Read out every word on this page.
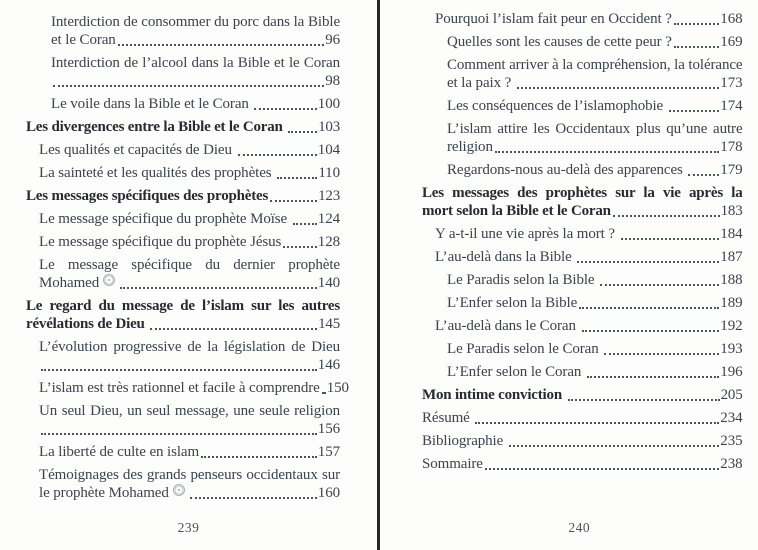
Interdiction de consommer du porc dans la Bible
et le Coran	96
Interdiction de l’alcool dans la Bible et le Coran
98
Le voile dans la Bible et le Coran	100
Les divergences entre la Bible et le Coran 103
Les qualités et capacités de Dieu	104
La sainteté et les qualités des prophètes	110
Les messages spécifiques des prophètes	123
Le message spécifique du prophète Moïse 124
Le message spécifique du prophète Jésus 128
Le message spécifique du dernier prophète
Mohamed	140
Le regard du message de l’islam sur les autres
révélations de Dieu	145
L’évolution progressive de la législation de Dieu
146
L’islam est très rationnel et facile à comprendre 150
Un seul Dieu, un seul message, une seule religion
156
La liberté de culte en islam	157
Témoignages des grands penseurs occidentaux sur
le prophète Mohamed	160
239
Pourquoi l’islam fait peur en Occident ?	168
Quelles sont les causes de cette peur ?	169
Comment arriver à la compréhension, la tolérance
et la paix ?	173
Les conséquences de l’islamophobie	174
L’islam attire les Occidentaux plus qu’une autre
religion	178
Regardons-nous au-delà des apparences 179
Les messages des prophètes sur la vie après la
mort selon la Bible et le Coran	183
Y a-t-il une vie après la mort ?	184
L’au-delà dans la Bible	187
Le Paradis selon la Bible	188
L’Enfer selon la Bible	189
L’au-delà dans le Coran	192
Le Paradis selon le Coran	193
L’Enfer selon le Coran	196
Mon intime conviction	205
Résumé	234
Bibliographie	235
Sommaire	238
240
